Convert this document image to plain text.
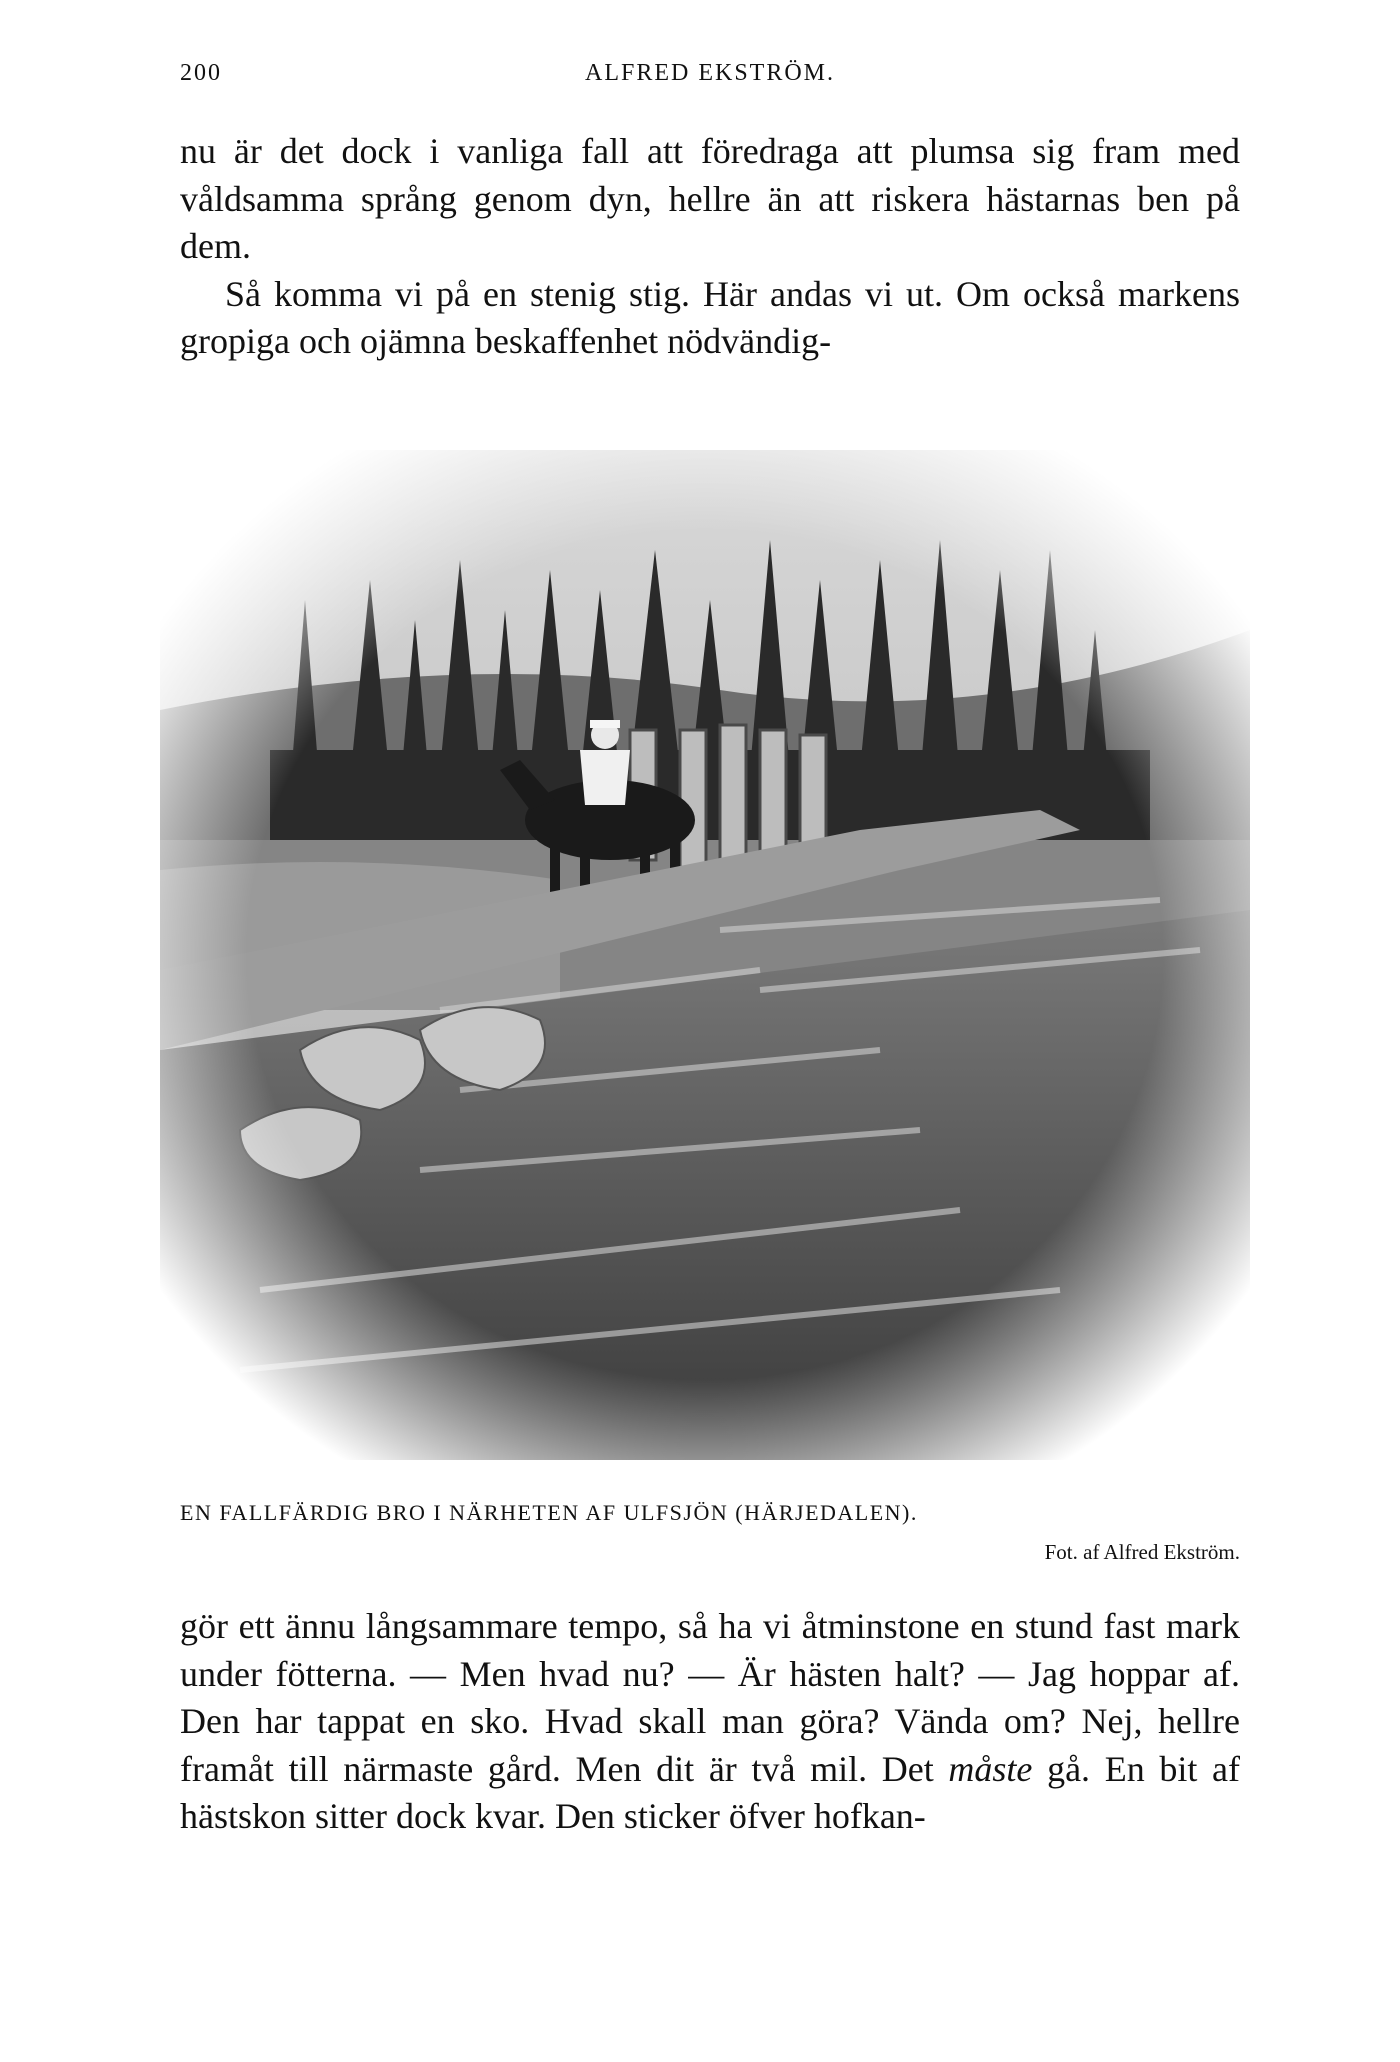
200	ALFRED EKSTRÖM.

nu är det dock i vanliga fall att föredraga att plumsa sig fram med våldsamma språng genom dyn, hellre än att riskera hästarnas ben på dem.

Så komma vi på en stenig stig. Här andas vi ut. Om också markens gropiga och ojämna beskaffenhet nödvändig-

EN FALLFÄRDIG BRO I NÄRHETEN AF ULFSJÖN (HÄRJEDALEN).
Fot. af Alfred Ekström.

gör ett ännu långsammare tempo, så ha vi åtminstone en stund fast mark under fötterna. — Men hvad nu? — Är hästen halt? — Jag hoppar af. Den har tappat en sko. Hvad skall man göra? Vända om? Nej, hellre framåt till närmaste gård. Men dit är två mil. Det måste gå. En bit af hästskon sitter dock kvar. Den sticker öfver hofkan-
